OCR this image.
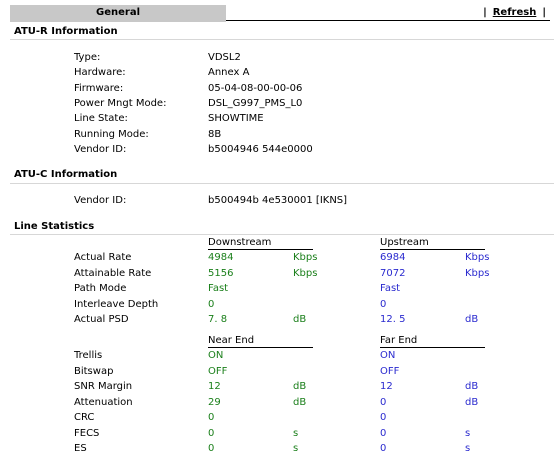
General	| Refresh |
ATU-R Information
Type:	VDSL2
Hardware:	Annex A
Firmware:	05-04-08-00-00-06
Power Mngt Mode:	DSL_G997_PMS_L0
Line State:	SHOWTIME
Running Mode:	8B
Vendor ID:	b5004946 544e0000
ATU-C Information
Vendor ID:	b500494b 4e530001 [IKNS]
Line Statistics
Downstream	Upstream
Actual Rate	4984	Kbps	6984	Kbps
Attainable Rate	5156	Kbps	7072	Kbps
Path Mode	Fast	Fast
Interleave Depth	0	0
Actual PSD	7. 8	dB	12. 5	dB
Near End	Far End
Trellis	ON	ON
Bitswap	OFF	OFF
SNR Margin	12	dB	12	dB
Attenuation	29	dB	0	dB
CRC	0	0
FECS	0	s	0	s
ES	0	s	0	s
